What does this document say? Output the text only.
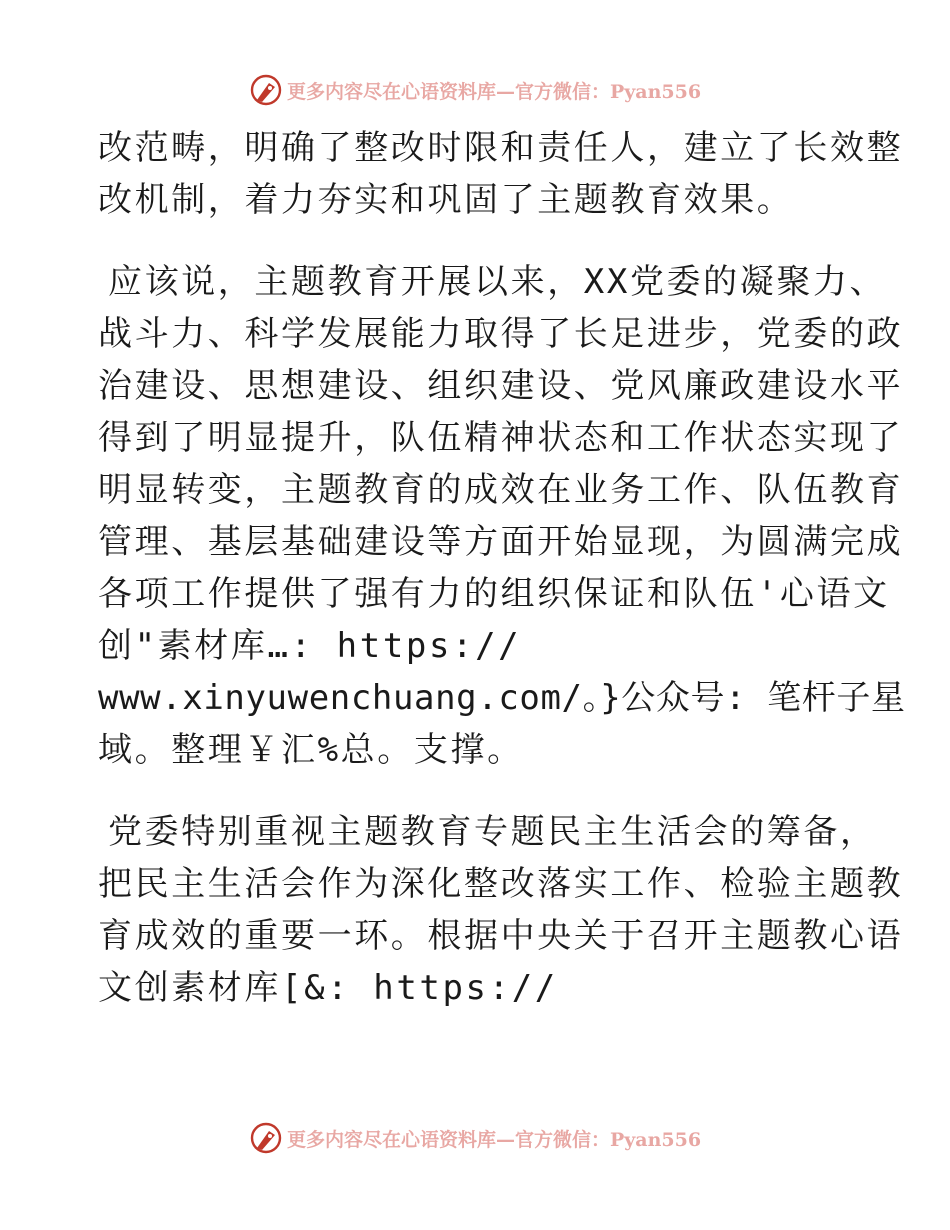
更多内容尽在心语资料库—官方微信：Pyan556
改范畴，明确了整改时限和责任人，建立了长效整
改机制，着力夯实和巩固了主题教育效果。
应该说，主题教育开展以来，XX党委的凝聚力、
战斗力、科学发展能力取得了长足进步，党委的政
治建设、思想建设、组织建设、党风廉政建设水平
得到了明显提升，队伍精神状态和工作状态实现了
明显转变，主题教育的成效在业务工作、队伍教育
管理、基层基础建设等方面开始显现，为圆满完成
各项工作提供了强有力的组织保证和队伍'心语文
创"素材库…: https://
www.xinyuwenchuang.com/。}公众号: 笔杆子星
域。整理￥汇%总。支撑。
党委特别重视主题教育专题民主生活会的筹备，
把民主生活会作为深化整改落实工作、检验主题教
育成效的重要一环。根据中央关于召开主题教心语
文创素材库[&: https://
更多内容尽在心语资料库—官方微信：Pyan556
